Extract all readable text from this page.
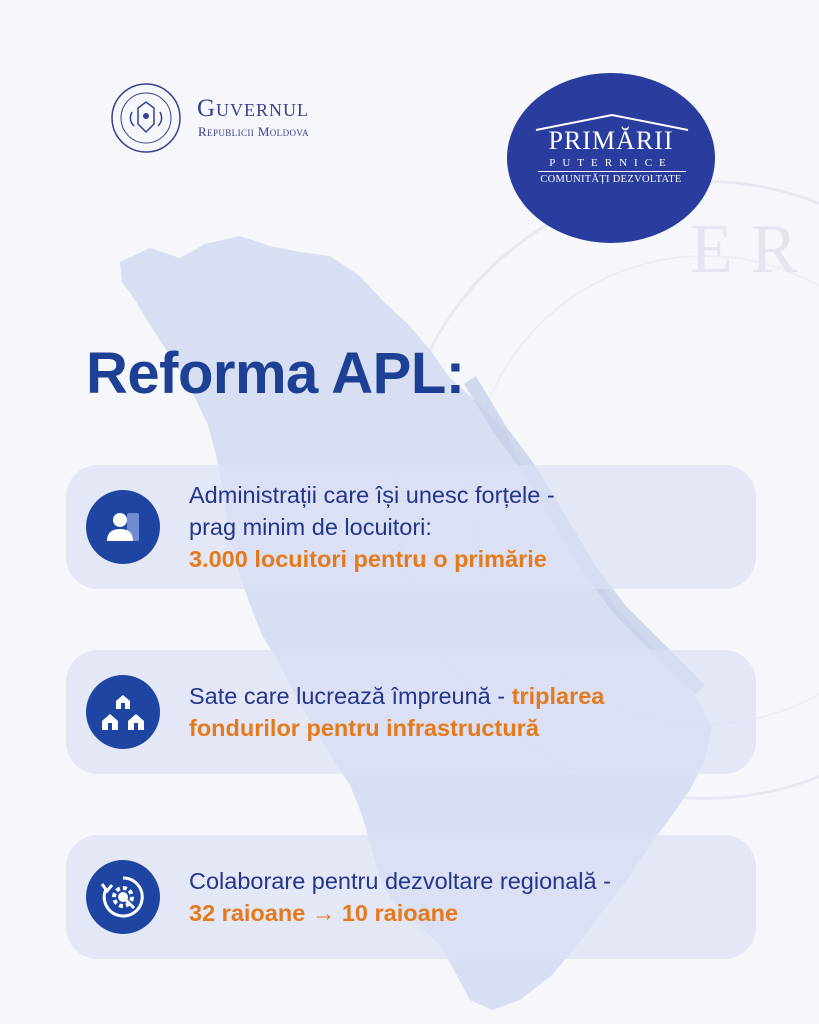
ER
Guvernul
Republicii Moldova	PRIMĂRII
PUTERNICE
COMUNITĂȚI DEZVOLTATE
Reforma APL:
Administrații care își unesc forțele -
prag minim de locuitori:
3.000 locuitori pentru o primărie
Sate care lucrează împreună - triplarea
fondurilor pentru infrastructură
Colaborare pentru dezvoltare regională -
32 raioane → 10 raioane
